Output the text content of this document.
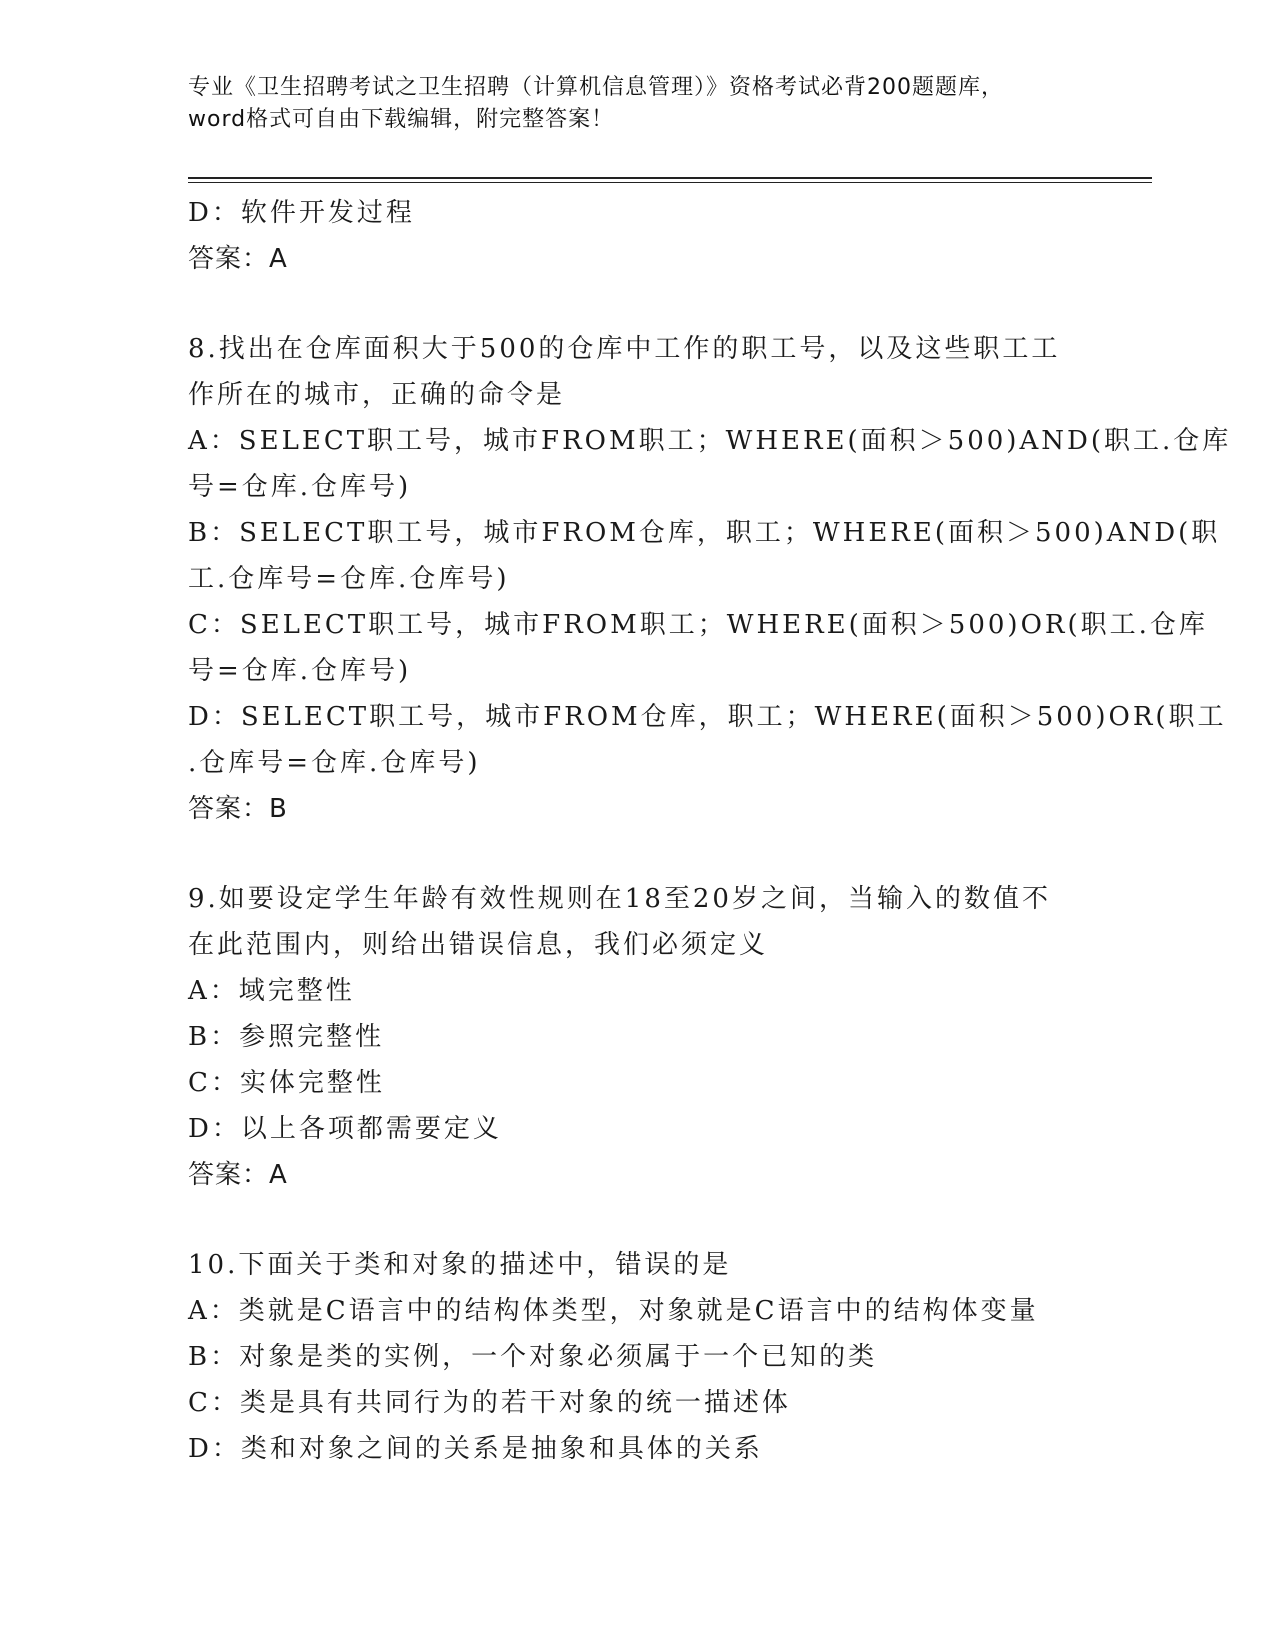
专业《卫生招聘考试之卫生招聘（计算机信息管理）》资格考试必背200题题库，
word格式可自由下载编辑，附完整答案！
D：软件开发过程
答案：A
8.找出在仓库面积大于500的仓库中工作的职工号，以及这些职工工
作所在的城市，正确的命令是
A：SELECT职工号，城市FROM职工；WHERE(面积＞500)AND(职工.仓库
号=仓库.仓库号)
B：SELECT职工号，城市FROM仓库，职工；WHERE(面积＞500)AND(职
工.仓库号=仓库.仓库号)
C：SELECT职工号，城市FROM职工；WHERE(面积＞500)OR(职工.仓库
号=仓库.仓库号)
D：SELECT职工号，城市FROM仓库，职工；WHERE(面积＞500)OR(职工
.仓库号=仓库.仓库号)
答案：B
9.如要设定学生年龄有效性规则在18至20岁之间，当输入的数值不
在此范围内，则给出错误信息，我们必须定义
A：域完整性
B：参照完整性
C：实体完整性
D：以上各项都需要定义
答案：A
10.下面关于类和对象的描述中，错误的是
A：类就是C语言中的结构体类型，对象就是C语言中的结构体变量
B：对象是类的实例，一个对象必须属于一个已知的类
C：类是具有共同行为的若干对象的统一描述体
D：类和对象之间的关系是抽象和具体的关系
